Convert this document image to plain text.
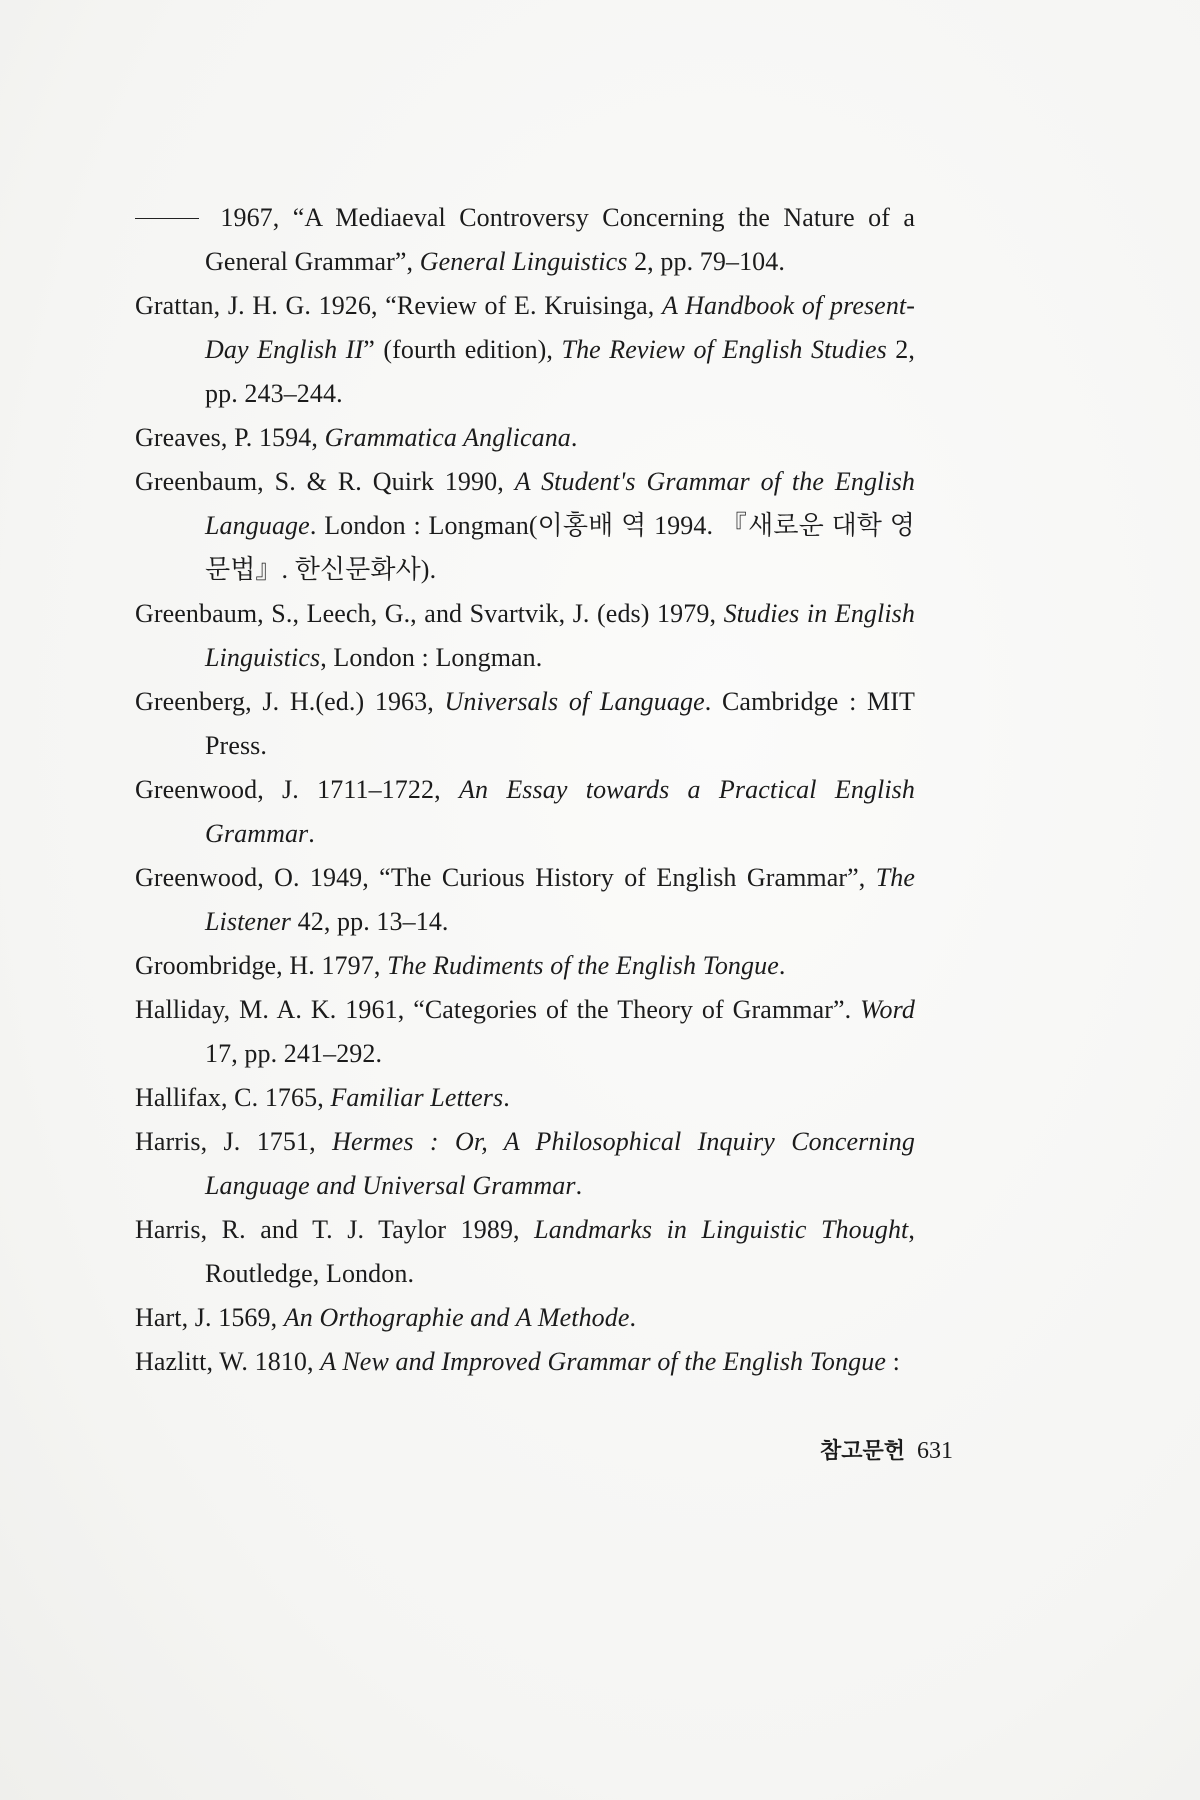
1967, “A Mediaeval Controversy Concerning the Nature of a General Grammar”, General Linguistics 2, pp. 79–104.

Grattan, J. H. G. 1926, “Review of E. Kruisinga, A Handbook of present-Day English II” (fourth edition), The Review of English Studies 2, pp. 243–244.

Greaves, P. 1594, Grammatica Anglicana.

Greenbaum, S. & R. Quirk 1990, A Student's Grammar of the English Language. London : Longman(이홍배 역 1994. 『새로운 대학 영문법』. 한신문화사).

Greenbaum, S., Leech, G., and Svartvik, J. (eds) 1979, Studies in English Linguistics, London : Longman.

Greenberg, J. H.(ed.) 1963, Universals of Language. Cambridge : MIT Press.

Greenwood, J. 1711–1722, An Essay towards a Practical English Grammar.

Greenwood, O. 1949, “The Curious History of English Grammar”, The Listener 42, pp. 13–14.

Groombridge, H. 1797, The Rudiments of the English Tongue.

Halliday, M. A. K. 1961, “Categories of the Theory of Grammar”. Word 17, pp. 241–292.

Hallifax, C. 1765, Familiar Letters.

Harris, J. 1751, Hermes : Or, A Philosophical Inquiry Concerning Language and Universal Grammar.

Harris, R. and T. J. Taylor 1989, Landmarks in Linguistic Thought, Routledge, London.

Hart, J. 1569, An Orthographie and A Methode.

Hazlitt, W. 1810, A New and Improved Grammar of the English Tongue :

참고문헌 631
